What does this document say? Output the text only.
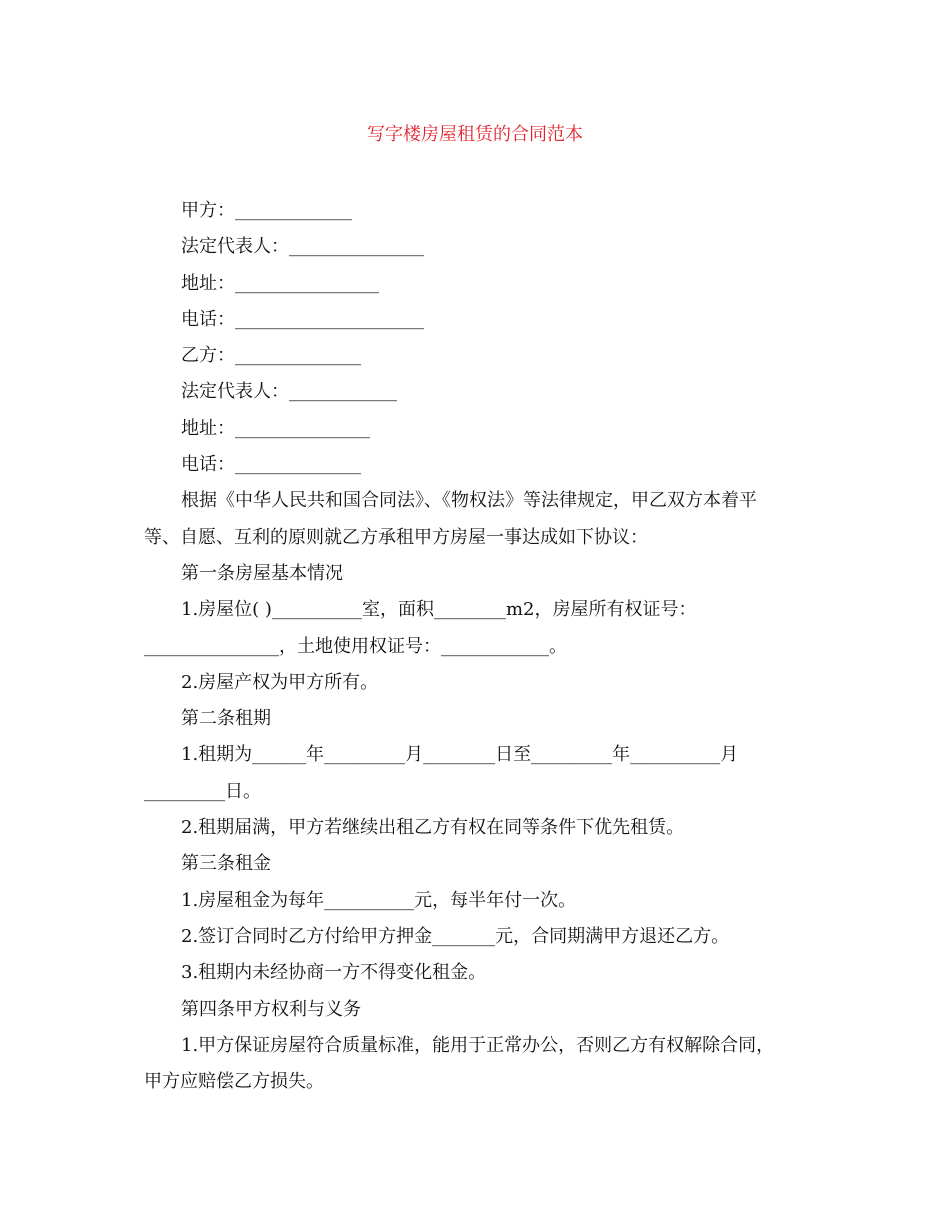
写字楼房屋租赁的合同范本
甲方：_____________
法定代表人：_______________
地址：________________
电话：_____________________
乙方：______________
法定代表人：____________
地址：_______________
电话：______________
根据《中华人民共和国合同法》、《物权法》等法律规定，甲乙双方本着平
等、自愿、互利的原则就乙方承租甲方房屋一事达成如下协议：
第一条房屋基本情况
1.房屋位( )__________室，面积________m2，房屋所有权证号：
_______________，土地使用权证号：____________。
2.房屋产权为甲方所有。
第二条租期
1.租期为______年_________月________日至_________年__________月
_________日。
2.租期届满，甲方若继续出租乙方有权在同等条件下优先租赁。
第三条租金
1.房屋租金为每年__________元，每半年付一次。
2.签订合同时乙方付给甲方押金_______元，合同期满甲方退还乙方。
3.租期内未经协商一方不得变化租金。
第四条甲方权利与义务
1.甲方保证房屋符合质量标准，能用于正常办公，否则乙方有权解除合同，
甲方应赔偿乙方损失。
